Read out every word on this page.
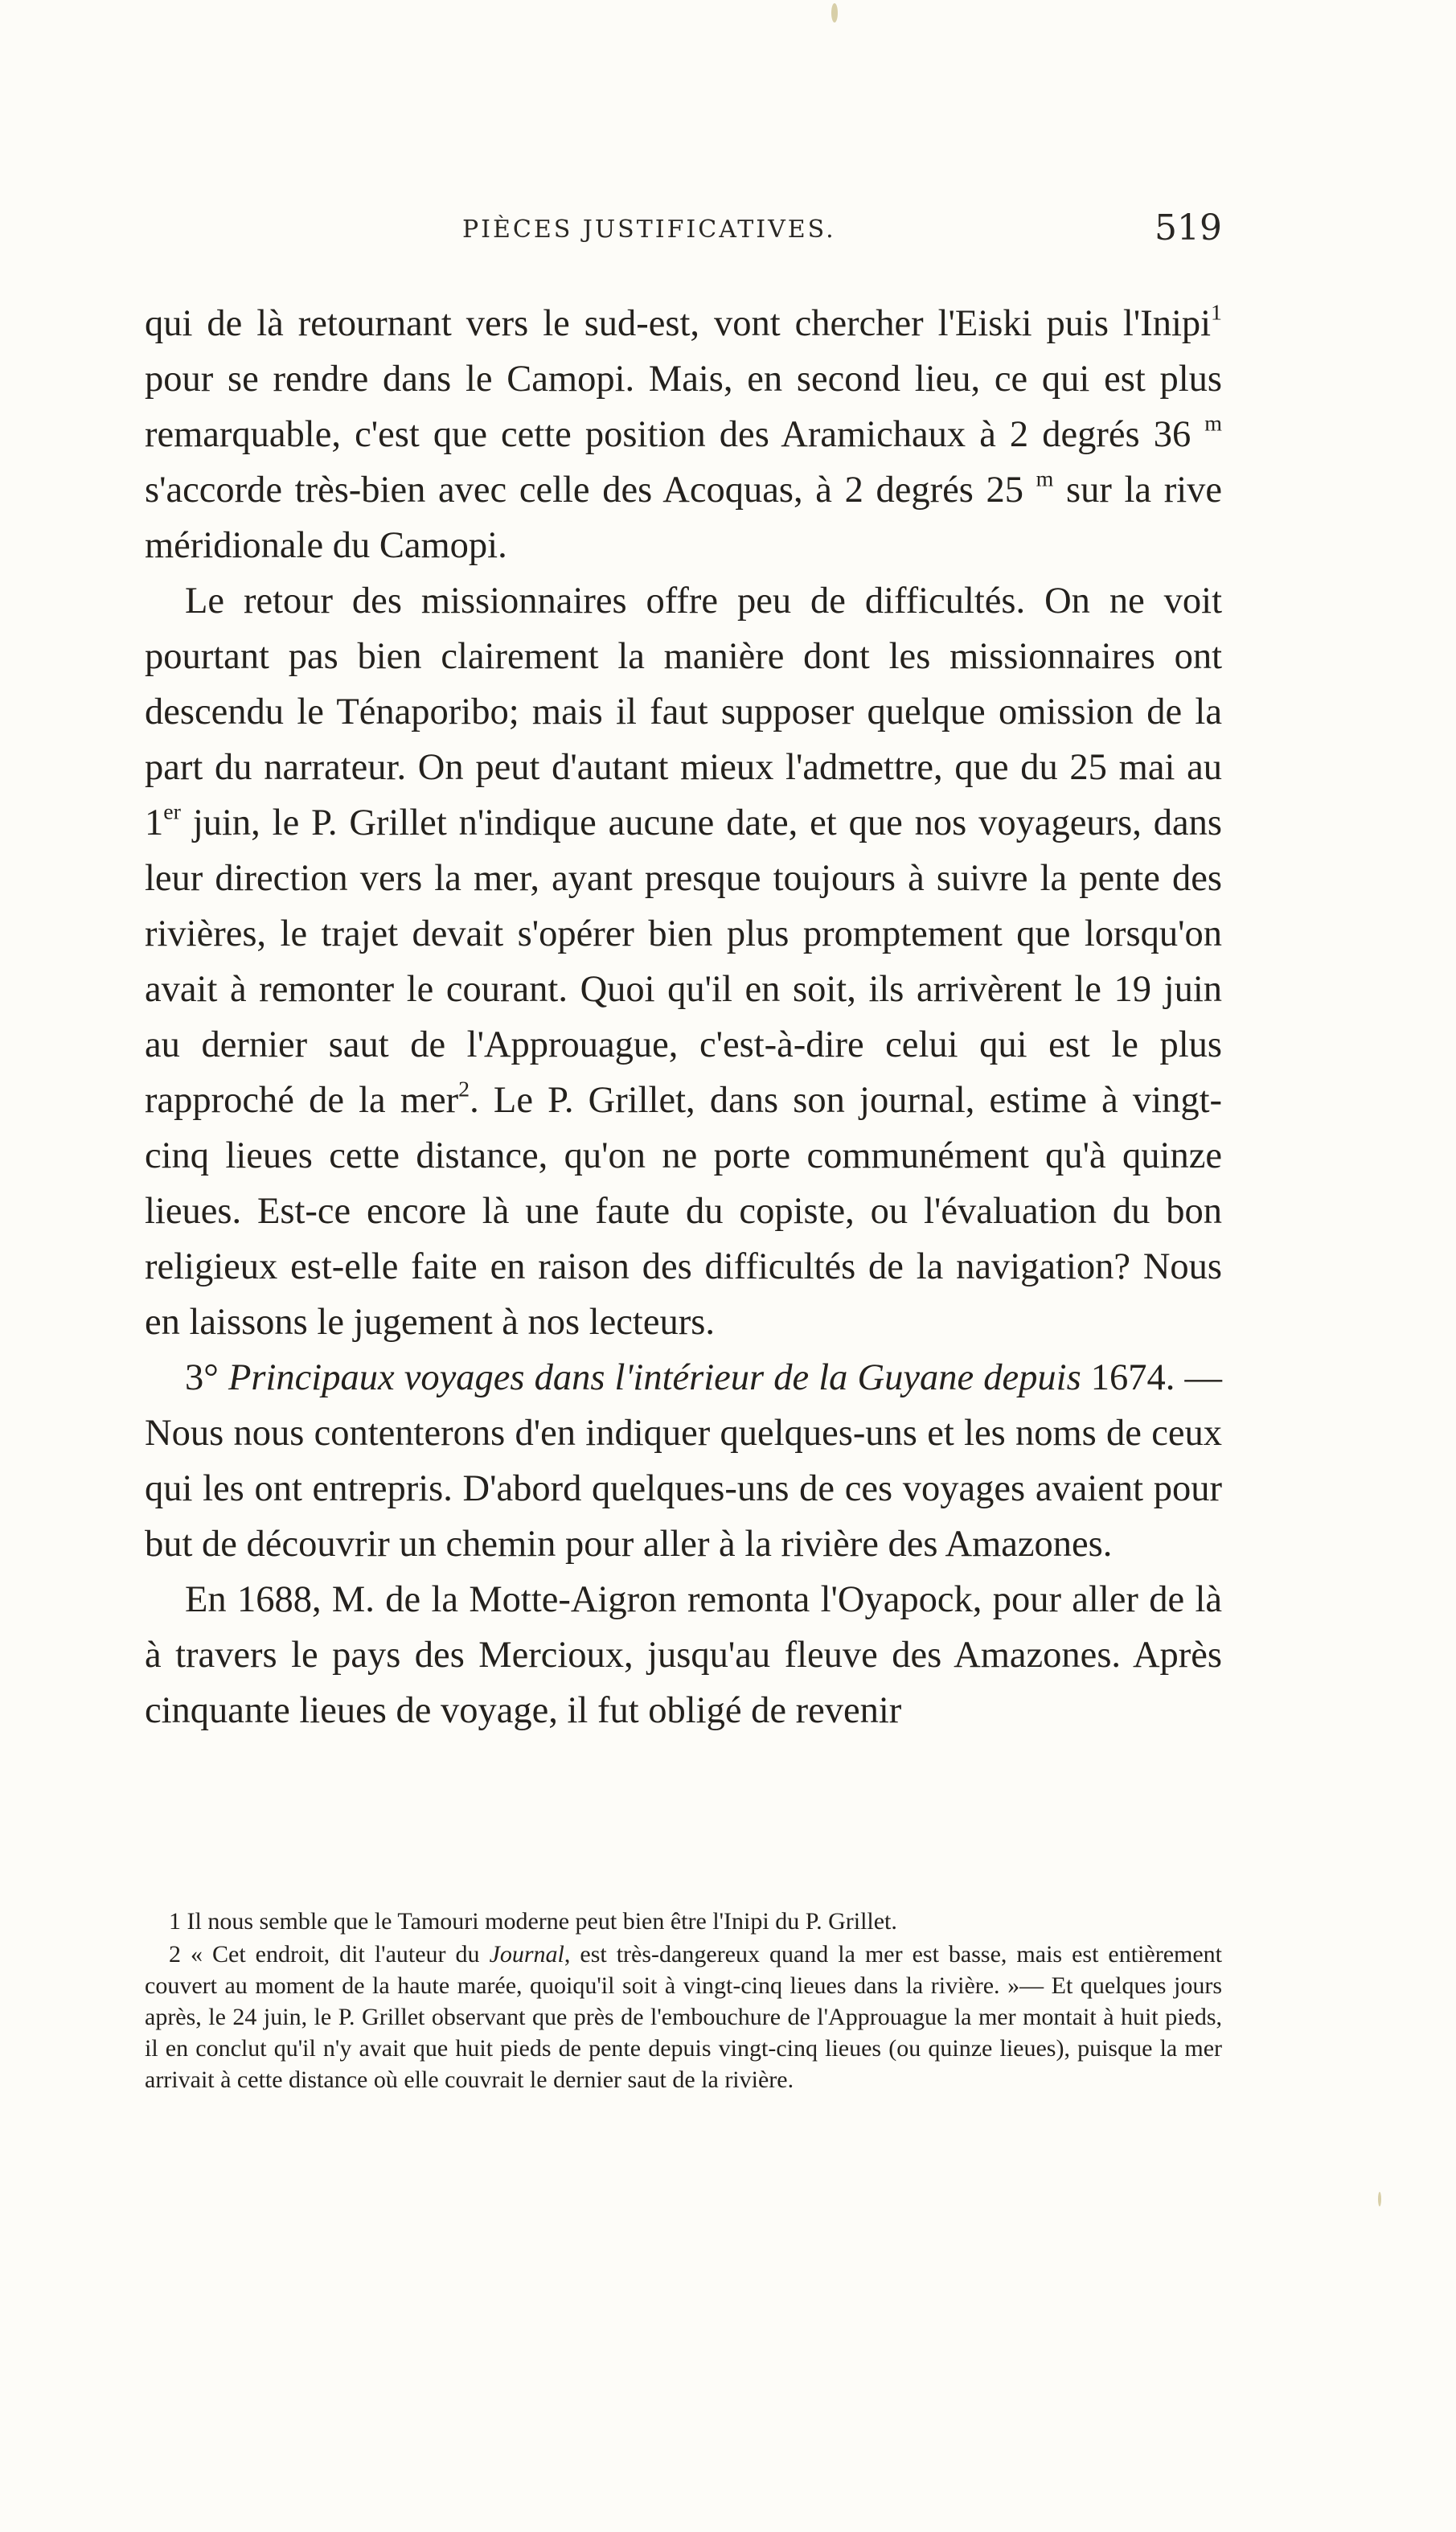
PIÈCES JUSTIFICATIVES.	519

qui de là retournant vers le sud-est, vont chercher l'Eiski puis l'Inipi$^1$ pour se rendre dans le Camopi. Mais, en second lieu, ce qui est plus remarquable, c'est que cette position des Aramichaux à 2 degrés 36 $^m$ s'accorde très-bien avec celle des Acoquas, à 2 degrés 25 $^m$ sur la rive méridionale du Camopi.

Le retour des missionnaires offre peu de difficultés. On ne voit pourtant pas bien clairement la manière dont les missionnaires ont descendu le Ténaporibo; mais il faut supposer quelque omission de la part du narrateur. On peut d'autant mieux l'admettre, que du 25 mai au 1er juin, le P. Grillet n'indique aucune date, et que nos voyageurs, dans leur direction vers la mer, ayant presque toujours à suivre la pente des rivières, le trajet devait s'opérer bien plus promptement que lorsqu'on avait à remonter le courant. Quoi qu'il en soit, ils arrivèrent le 19 juin au dernier saut de l'Approuague, c'est-à-dire celui qui est le plus rapproché de la mer$^2$. Le P. Grillet, dans son journal, estime à vingt-cinq lieues cette distance, qu'on ne porte communément qu'à quinze lieues. Est-ce encore là une faute du copiste, ou l'évaluation du bon religieux est-elle faite en raison des difficultés de la navigation? Nous en laissons le jugement à nos lecteurs.

3° Principaux voyages dans l'intérieur de la Guyane depuis 1674. — Nous nous contenterons d'en indiquer quelques-uns et les noms de ceux qui les ont entrepris. D'abord quelques-uns de ces voyages avaient pour but de découvrir un chemin pour aller à la rivière des Amazones.

En 1688, M. de la Motte-Aigron remonta l'Oyapock, pour aller de là à travers le pays des Mercioux, jusqu'au fleuve des Amazones. Après cinquante lieues de voyage, il fut obligé de revenir

1 Il nous semble que le Tamouri moderne peut bien être l'Inipi du P. Grillet.

2 « Cet endroit, dit l'auteur du Journal, est très-dangereux quand la mer est basse, mais est entièrement couvert au moment de la haute marée, quoiqu'il soit à vingt-cinq lieues dans la rivière. »— Et quelques jours après, le 24 juin, le P. Grillet observant que près de l'embouchure de l'Approuague la mer montait à huit pieds, il en conclut qu'il n'y avait que huit pieds de pente depuis vingt-cinq lieues (ou quinze lieues), puisque la mer arrivait à cette distance où elle couvrait le dernier saut de la rivière.
